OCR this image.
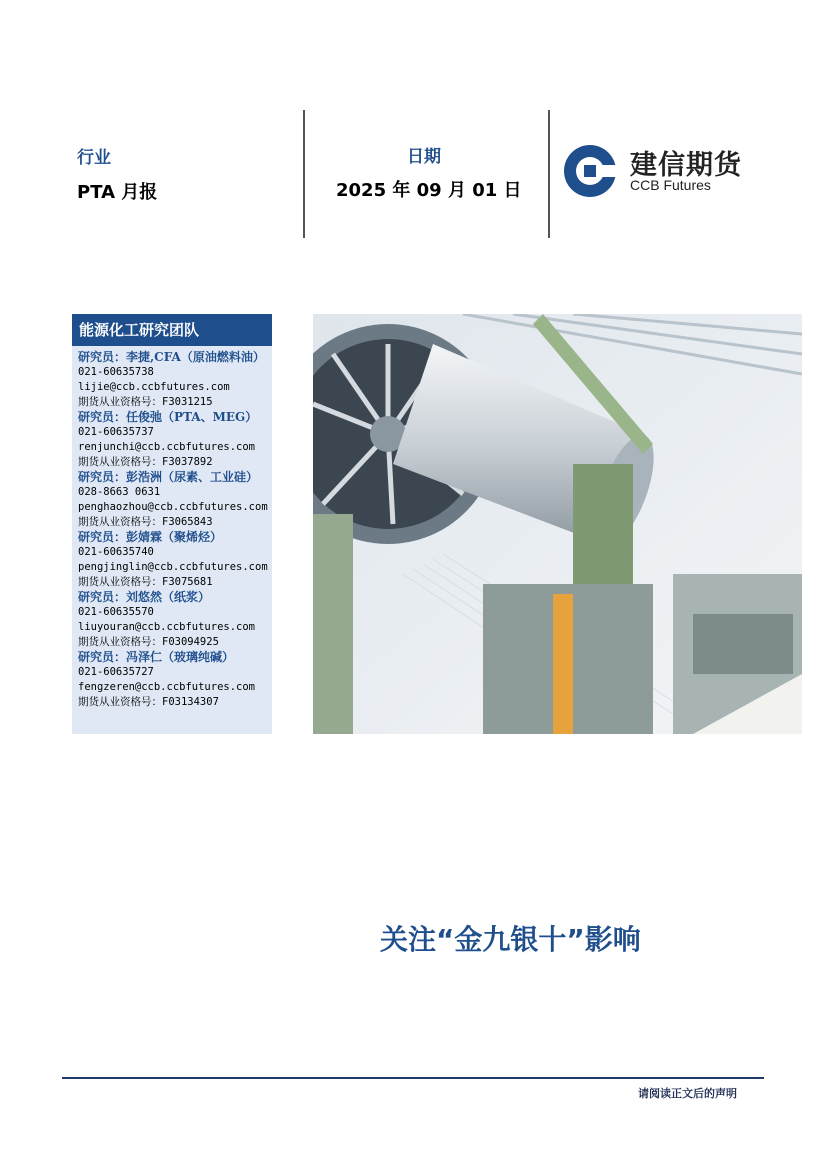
行业
PTA 月报
日期
2025 年 09 月 01 日
建信期货
CCB Futures
能源化工研究团队
研究员：李捷,CFA（原油燃料油）
021-60635738
lijie@ccb.ccbfutures.com
期货从业资格号：F3031215
研究员：任俊弛（PTA、MEG）
021-60635737
renjunchi@ccb.ccbfutures.com
期货从业资格号：F3037892
研究员：彭浩洲（尿素、工业硅）
028-8663 0631
penghaozhou@ccb.ccbfutures.com
期货从业资格号：F3065843
研究员：彭婧霖（聚烯烃）
021-60635740
pengjinglin@ccb.ccbfutures.com
期货从业资格号：F3075681
研究员：刘悠然（纸浆）
021-60635570
liuyouran@ccb.ccbfutures.com
期货从业资格号：F03094925
研究员：冯泽仁（玻璃纯碱）
021-60635727
fengzeren@ccb.ccbfutures.com
期货从业资格号：F03134307
关注“金九银十”影响
请阅读正文后的声明
